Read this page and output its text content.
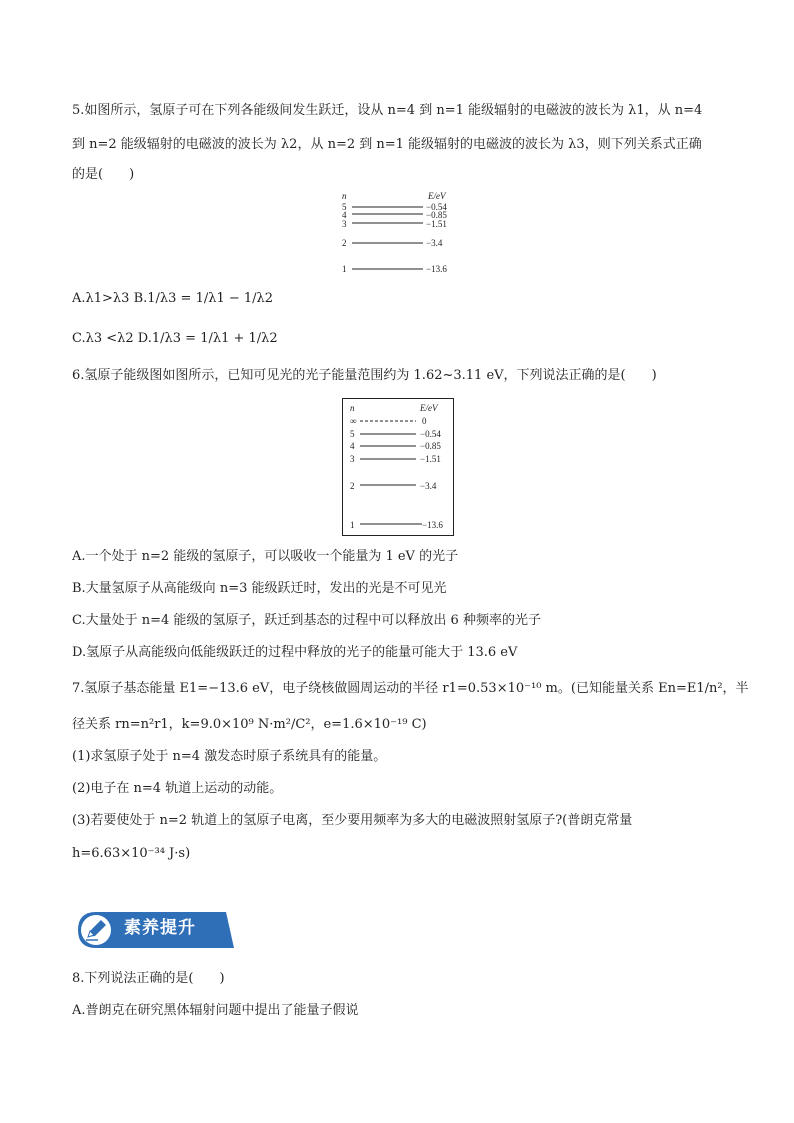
5.如图所示，氢原子可在下列各能级间发生跃迁，设从 n=4 到 n=1 能级辐射的电磁波的波长为 λ1，从 n=4
到 n=2 能级辐射的电磁波的波长为 λ2，从 n=2 到 n=1 能级辐射的电磁波的波长为 λ3，则下列关系式正确
的是(　　)
n	E/eV
5	−0.54
4	−0.85
3	−1.51
2	−3.4
1	−13.6
A.λ1>λ3 B.1/λ3 = 1/λ1 − 1/λ2
C.λ3 <λ2 D.1/λ3 = 1/λ1 + 1/λ2
6.氢原子能级图如图所示，已知可见光的光子能量范围约为 1.62~3.11 eV，下列说法正确的是(　　)
n	E/eV
∞	0
5	−0.54
4	−0.85
3	−1.51
2	−3.4
1	−13.6
A.一个处于 n=2 能级的氢原子，可以吸收一个能量为 1 eV 的光子
B.大量氢原子从高能级向 n=3 能级跃迁时，发出的光是不可见光
C.大量处于 n=4 能级的氢原子，跃迁到基态的过程中可以释放出 6 种频率的光子
D.氢原子从高能级向低能级跃迁的过程中释放的光子的能量可能大于 13.6 eV
7.氢原子基态能量 E1=−13.6 eV，电子绕核做圆周运动的半径 r1=0.53×10⁻¹⁰ m。(已知能量关系 En=E1/n²，半
径关系 rn=n²r1，k=9.0×10⁹ N·m²/C²，e=1.6×10⁻¹⁹ C)
(1)求氢原子处于 n=4 激发态时原子系统具有的能量。
(2)电子在 n=4 轨道上运动的动能。
(3)若要使处于 n=2 轨道上的氢原子电离，至少要用频率为多大的电磁波照射氢原子?(普朗克常量
h=6.63×10⁻³⁴ J·s)
素养提升
8.下列说法正确的是(　　)
A.普朗克在研究黑体辐射问题中提出了能量子假说
